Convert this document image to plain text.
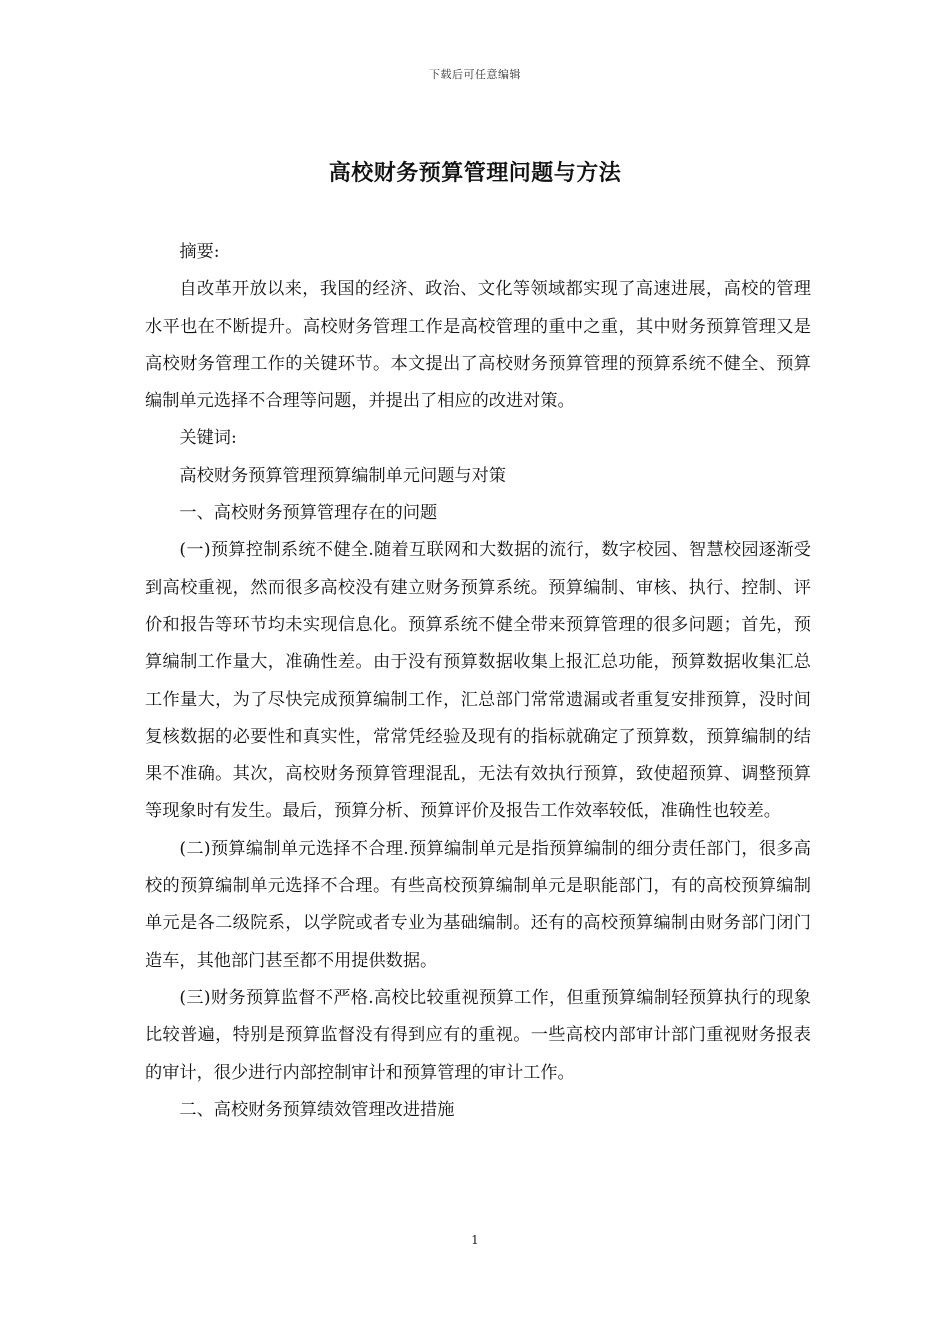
下载后可任意编辑
高校财务预算管理问题与方法

摘要:

自改革开放以来，我国的经济、政治、文化等领域都实现了高速进展，高校的管理水平也在不断提升。高校财务管理工作是高校管理的重中之重，其中财务预算管理又是高校财务管理工作的关键环节。本文提出了高校财务预算管理的预算系统不健全、预算编制单元选择不合理等问题，并提出了相应的改进对策。

关键词:

高校财务预算管理预算编制单元问题与对策

一、高校财务预算管理存在的问题

(一)预算控制系统不健全.随着互联网和大数据的流行，数字校园、智慧校园逐渐受到高校重视，然而很多高校没有建立财务预算系统。预算编制、审核、执行、控制、评价和报告等环节均未实现信息化。预算系统不健全带来预算管理的很多问题；首先，预算编制工作量大，准确性差。由于没有预算数据收集上报汇总功能，预算数据收集汇总工作量大，为了尽快完成预算编制工作，汇总部门常常遗漏或者重复安排预算，没时间复核数据的必要性和真实性，常常凭经验及现有的指标就确定了预算数，预算编制的结果不准确。其次，高校财务预算管理混乱，无法有效执行预算，致使超预算、调整预算等现象时有发生。最后，预算分析、预算评价及报告工作效率较低，准确性也较差。

(二)预算编制单元选择不合理.预算编制单元是指预算编制的细分责任部门，很多高校的预算编制单元选择不合理。有些高校预算编制单元是职能部门，有的高校预算编制单元是各二级院系，以学院或者专业为基础编制。还有的高校预算编制由财务部门闭门造车，其他部门甚至都不用提供数据。

(三)财务预算监督不严格.高校比较重视预算工作，但重预算编制轻预算执行的现象比较普遍，特别是预算监督没有得到应有的重视。一些高校内部审计部门重视财务报表的审计，很少进行内部控制审计和预算管理的审计工作。

二、高校财务预算绩效管理改进措施

1
